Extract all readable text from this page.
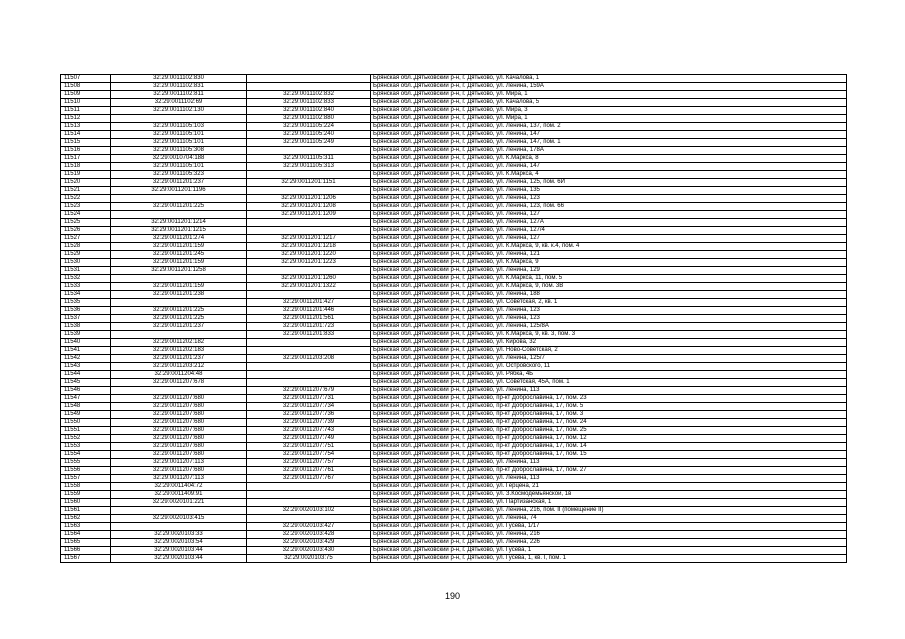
11507	32:29:0011102:830		Брянская обл.,Дятьковский р-н, г. Дятьково, ул. Качалова, 1
11508	32:29:0011102:831		Брянская обл.,Дятьковский р-н, г. Дятьково, ул. Ленина, 159А
11509	32:29:0011102:811	32:29:0011102:832	Брянская обл.,Дятьковский р-н, г. Дятьково, ул. Мира, 1
11510	32:29:0011102:69	32:29:0011102:833	Брянская обл.,Дятьковский р-н, г. Дятьково, ул. Качалова, 5
11511	32:29:0011102:130	32:29:0011102:840	Брянская обл.,Дятьковский р-н, г. Дятьково, ул. Мира, 3
11512		32:29:0011102:880	Брянская обл.,Дятьковский р-н, г. Дятьково, ул. Мира, 1
11513	32:29:0011105:103	32:29:0011105:224	Брянская обл.,Дятьковский р-н, г. Дятьково, ул. Ленина, 137, пом. 2
11514	32:29:0011105:101	32:29:0011105:240	Брянская обл.,Дятьковский р-н, г. Дятьково, ул. Ленина, 147
11515	32:29:0011105:101	32:29:0011105:249	Брянская обл.,Дятьковский р-н, г. Дятьково, ул. Ленина, 147, пом. 1
11516	32:29:0011105:308		Брянская обл.,Дятьковский р-н, г. Дятьково, ул. Ленина, 178А
11517	32:29:0010704:188	32:29:0011105:311	Брянская обл.,Дятьковский р-н, г. Дятьково, ул. К.Маркса, 8
11518	32:29:0011105:101	32:29:0011105:313	Брянская обл.,Дятьковский р-н, г. Дятьково, ул. Ленина, 147
11519	32:29:0011105:323		Брянская обл.,Дятьковский р-н, г. Дятьково, ул. К.Маркса, 4
11520	32:29:0011201:237	32:29:0011201:1151	Брянская обл.,Дятьковский р-н, г. Дятьково, ул. Ленина, 125, пом. 6И
11521	32:29:0011201:1196		Брянская обл.,Дятьковский р-н, г. Дятьково, ул. Ленина, 135
11522		32:29:0011201:1206	Брянская обл.,Дятьковский р-н, г. Дятьково, ул. Ленина, 123
11523	32:29:0011201:225	32:29:0011201:1208	Брянская обл.,Дятьковский р-н, г. Дятьково, ул. Ленина, 123, пом. 66
11524		32:29:0011201:1209	Брянская обл.,Дятьковский р-н, г. Дятьково, ул. Ленина, 127
11525	32:29:0011201:1214		Брянская обл.,Дятьковский р-н, г. Дятьково, ул. Ленина, 127А
11526	32:29:0011201:1215		Брянская обл.,Дятьковский р-н, г. Дятьково, ул. Ленина, 127/4
11527	32:29:0011201:274	32:29:0011201:1217	Брянская обл.,Дятьковский р-н, г. Дятьково, ул. Ленина, 127
11528	32:29:0011201:159	32:29:0011201:1218	Брянская обл.,Дятьковский р-н, г. Дятьково, ул. К.Маркса, 9, кв. к.4, пом. 4
11529	32:29:0011201:245	32:29:0011201:1220	Брянская обл.,Дятьковский р-н, г. Дятьково, ул. Ленина, 121
11530	32:29:0011201:159	32:29:0011201:1223	Брянская обл.,Дятьковский р-н, г. Дятьково, ул. К.Маркса, 9
11531	32:29:0011201:1258		Брянская обл.,Дятьковский р-н, г. Дятьково, ул. Ленина, 129
11532		32:29:0011201:1260	Брянская обл.,Дятьковский р-н, г. Дятьково, ул. К.Маркса, 11, пом. 5
11533	32:29:0011201:159	32:29:0011201:1322	Брянская обл.,Дятьковский р-н, г. Дятьково, ул. К.Маркса, 9, пом. 3В
11534	32:29:0011201:238		Брянская обл.,Дятьковский р-н, г. Дятьково, ул. Ленина, 188
11535		32:29:0011201:427	Брянская обл.,Дятьковский р-н, г. Дятьково, ул. Советская, 2, кв. 1
11536	32:29:0011201:225	32:29:0011201:446	Брянская обл.,Дятьковский р-н, г. Дятьково, ул. Ленина, 123
11537	32:29:0011201:225	32:29:0011201:561	Брянская обл.,Дятьковский р-н, г. Дятьково, ул. Ленина, 123
11538	32:29:0011201:237	32:29:0011201:723	Брянская обл.,Дятьковский р-н, г. Дятьково, ул. Ленина, 125/8А
11539		32:29:0011201:833	Брянская обл.,Дятьковский р-н, г. Дятьково, ул. К.Маркса, 9, кв. 3, пом. 3
11540	32:29:0011202:182		Брянская обл.,Дятьковский р-н, г. Дятьково, ул. Кирова, 32
11541	32:29:0011202:183		Брянская обл.,Дятьковский р-н, г. Дятьково, ул. Ново-Советская, 2
11542	32:29:0011201:237	32:29:0011203:208	Брянская обл.,Дятьковский р-н, г. Дятьково, ул. Ленина, 125/7
11543	32:29:0011203:212		Брянская обл.,Дятьковский р-н, г. Дятьково, ул. Островского, 11
11544	32:29:0011204:48		Брянская обл.,Дятьковский р-н, г. Дятьково, ул. Рябка, 4Б
11545	32:29:0011207:678		Брянская обл.,Дятьковский р-н, г. Дятьково, ул. Советская, 45А, пом. 1
11546		32:29:0011207:679	Брянская обл.,Дятьковский р-н, г. Дятьково, ул. Ленина, 113
11547	32:29:0011207:680	32:29:0011207:731	Брянская обл.,Дятьковский р-н, г. Дятьково, пр-кт Доброславина, 17, пом. 23
11548	32:29:0011207:680	32:29:0011207:734	Брянская обл.,Дятьковский р-н, г. Дятьково, пр-кт Доброславина, 17, пом. 5
11549	32:29:0011207:680	32:29:0011207:736	Брянская обл.,Дятьковский р-н, г. Дятьково, пр-кт Доброславина, 17, пом. 3
11550	32:29:0011207:680	32:29:0011207:739	Брянская обл.,Дятьковский р-н, г. Дятьково, пр-кт Доброславина, 17, пом. 24
11551	32:29:0011207:680	32:29:0011207:743	Брянская обл.,Дятьковский р-н, г. Дятьково, пр-кт Доброславина, 17, пом. 25
11552	32:29:0011207:680	32:29:0011207:749	Брянская обл.,Дятьковский р-н, г. Дятьково, пр-кт Доброславина, 17, пом. 12
11553	32:29:0011207:680	32:29:0011207:751	Брянская обл.,Дятьковский р-н, г. Дятьково, пр-кт Доброславина, 17, пом. 14
11554	32:29:0011207:680	32:29:0011207:754	Брянская обл.,Дятьковский р-н, г. Дятьково, пр-кт Доброславина, 17, пом. 15
11555	32:29:0011207:113	32:29:0011207:757	Брянская обл.,Дятьковский р-н, г. Дятьково, ул. Ленина, 113
11556	32:29:0011207:680	32:29:0011207:761	Брянская обл.,Дятьковский р-н, г. Дятьково, пр-кт Доброславина, 17, пом. 27
11557	32:29:0011207:113	32:29:0011207:767	Брянская обл.,Дятьковский р-н, г. Дятьково, ул. Ленина, 113
11558	32:29:0011404:72		Брянская обл.,Дятьковский р-н, г. Дятьково, ул. Герцена, 21
11559	32:29:0011409:91		Брянская обл.,Дятьковский р-н, г. Дятьково, ул. З.Космодемьянской, 1в
11560	32:29:0020101:221		Брянская обл.,Дятьковский р-н, г. Дятьково, ул. Партизанская, 1
11561		32:29:0020103:102	Брянская обл.,Дятьковский р-н, г. Дятьково, ул. Ленина, 216, пом. II (помещение II)
11562	32:29:0020103:415		Брянская обл.,Дятьковский р-н, г. Дятьково, ул. Ленина, 74
11563		32:29:0020103:427	Брянская обл.,Дятьковский р-н, г. Дятьково, ул. Гусева, 1/17
11564	32:29:0020103:33	32:29:0020103:428	Брянская обл.,Дятьковский р-н, г. Дятьково, ул. Ленина, 216
11565	32:29:0020103:54	32:29:0020103:429	Брянская обл.,Дятьковский р-н, г. Дятьково, ул. Ленина, 226
11566	32:29:0020103:44	32:29:0020103:430	Брянская обл.,Дятьковский р-н, г. Дятьково, ул. Гусева, 1
11567	32:29:0020103:44	32:29:0020103:75	Брянская обл.,Дятьковский р-н, г. Дятьково, ул. Гусева, 1, кв. I, пом. 1
190
